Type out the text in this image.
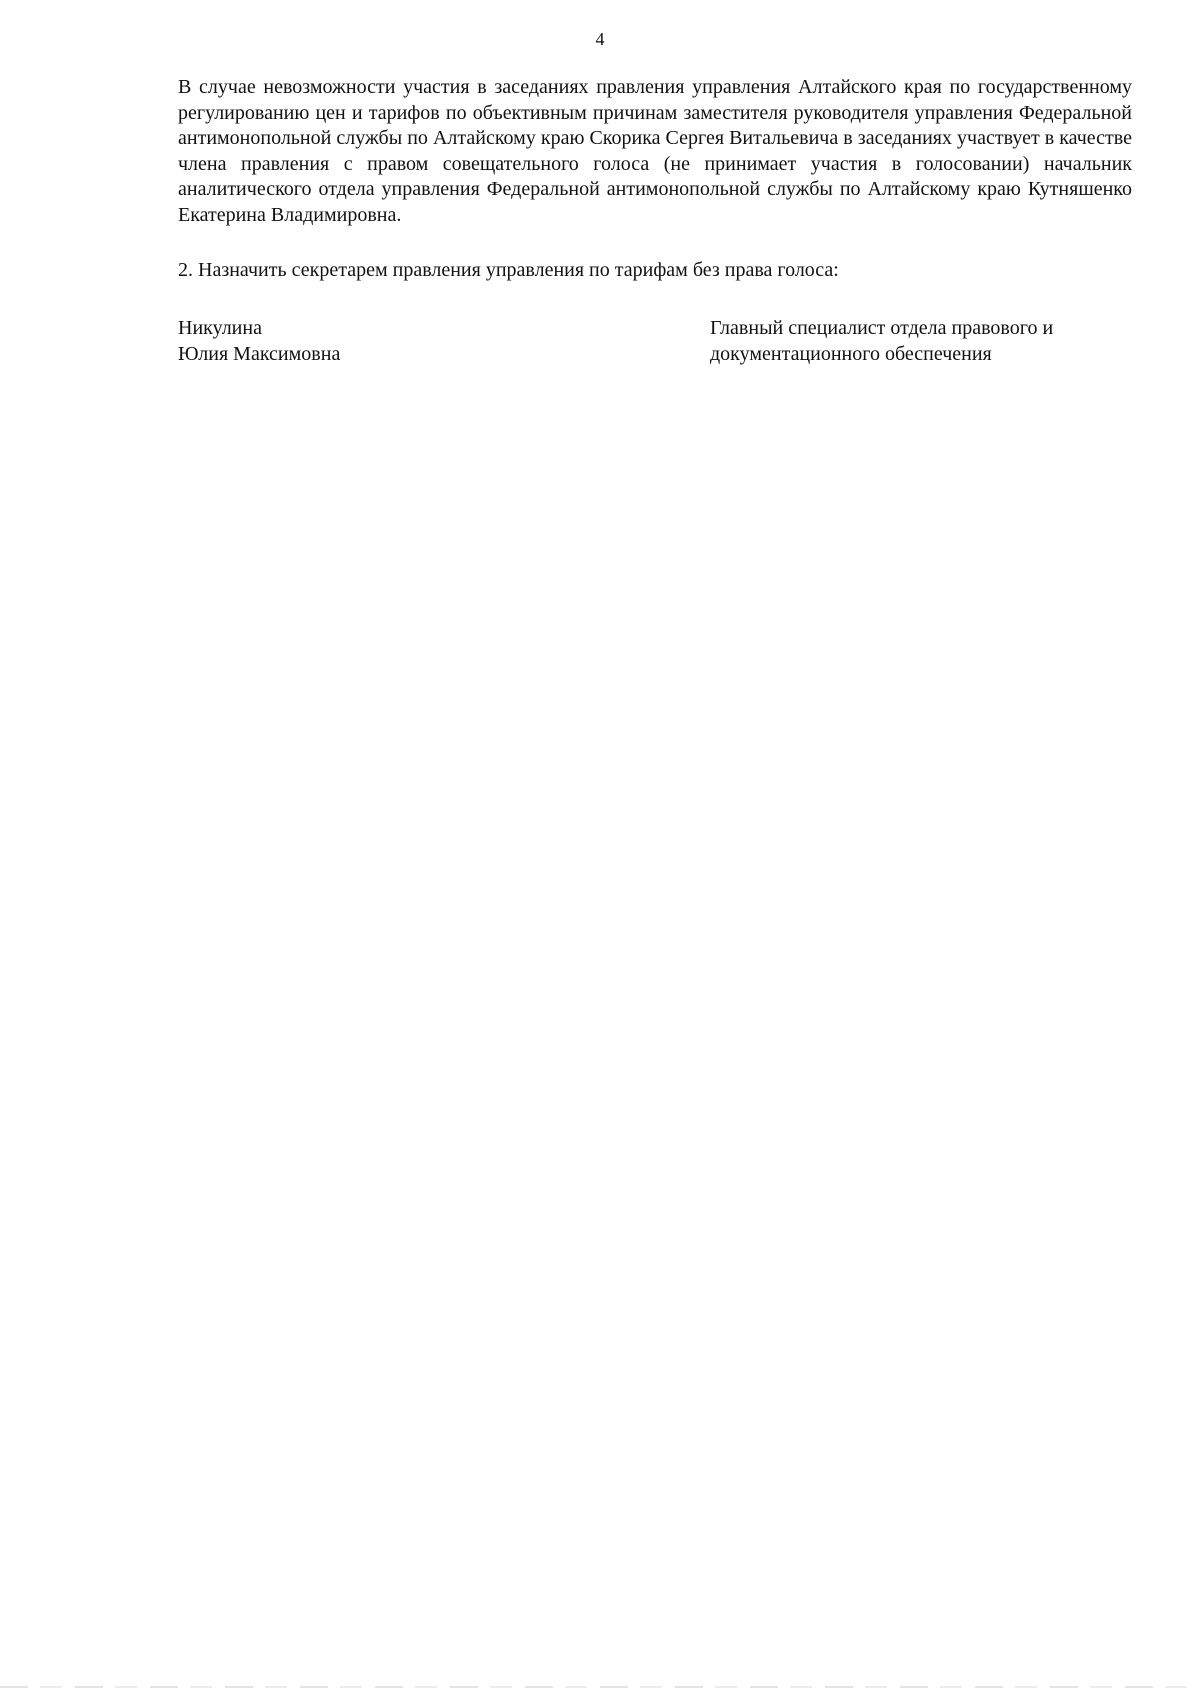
4

В случае невозможности участия в заседаниях правления управления Алтайского края по государственному регулированию цен и тарифов по объективным причинам заместителя руководителя управления Федеральной антимонопольной службы по Алтайскому краю Скорика Сергея Витальевича в заседаниях участвует в качестве члена правления с правом совещательного голоса (не принимает участия в голосовании) начальник аналитического отдела управления Федеральной антимонопольной службы по Алтайскому краю Кутняшенко Екатерина Владимировна.

2. Назначить секретарем правления управления по тарифам без права голоса:

Никулина
Юлия Максимовна
Главный специалист отдела правового и
документационного обеспечения
